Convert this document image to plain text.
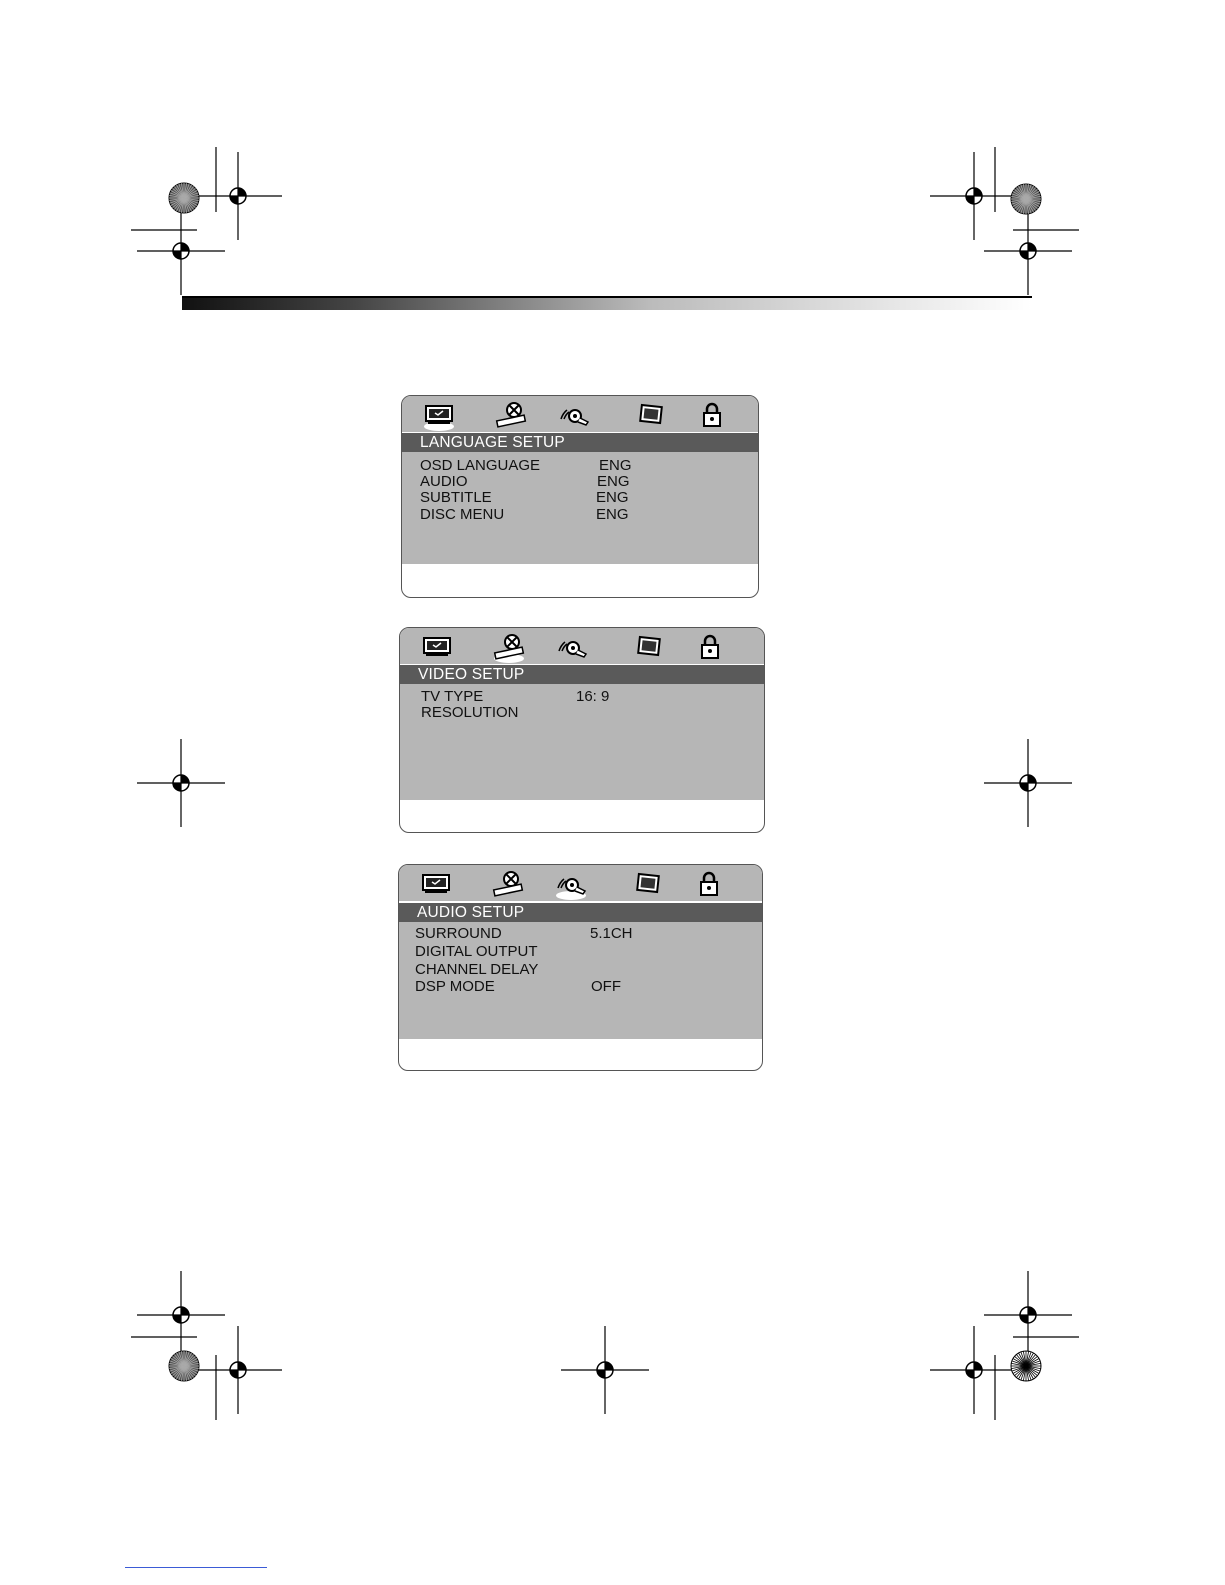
LANGUAGE SETUP
OSD LANGUAGE	ENG
AUDIO	ENG
SUBTITLE	ENG
DISC MENU	ENG
VIDEO SETUP
TV TYPE	16: 9
RESOLUTION
AUDIO SETUP
SURROUND	5.1CH
DIGITAL OUTPUT
CHANNEL DELAY
DSP MODE	OFF
